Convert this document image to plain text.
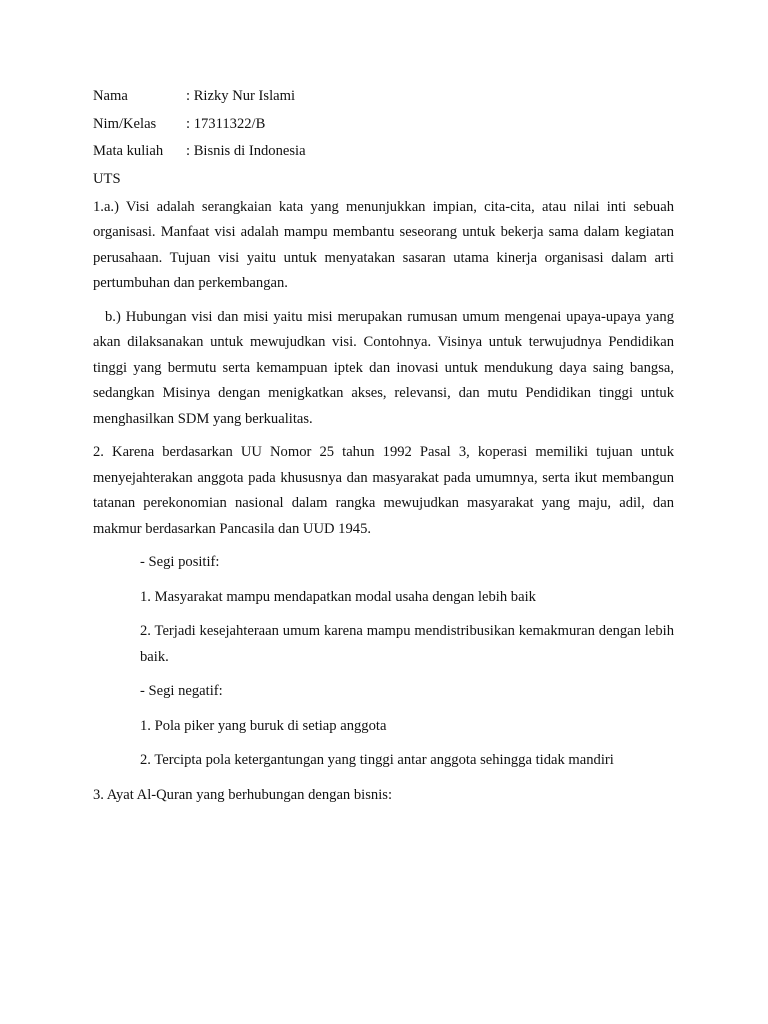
Nama	: Rizky Nur Islami
Nim/Kelas	: 17311322/B
Mata kuliah	: Bisnis di Indonesia
UTS

1.a.) Visi adalah serangkaian kata yang menunjukkan impian, cita-cita, atau nilai inti sebuah organisasi. Manfaat visi adalah mampu membantu seseorang untuk bekerja sama dalam kegiatan perusahaan. Tujuan visi yaitu untuk menyatakan sasaran utama kinerja organisasi dalam arti pertumbuhan dan perkembangan.

b.) Hubungan visi dan misi yaitu misi merupakan rumusan umum mengenai upaya-upaya yang akan dilaksanakan untuk mewujudkan visi. Contohnya. Visinya untuk terwujudnya Pendidikan tinggi yang bermutu serta kemampuan iptek dan inovasi untuk mendukung daya saing bangsa, sedangkan Misinya dengan menigkatkan akses, relevansi, dan mutu Pendidikan tinggi untuk menghasilkan SDM yang berkualitas.

2. Karena berdasarkan UU Nomor 25 tahun 1992 Pasal 3, koperasi memiliki tujuan untuk menyejahterakan anggota pada khususnya dan masyarakat pada umumnya, serta ikut membangun tatanan perekonomian nasional dalam rangka mewujudkan masyarakat yang maju, adil, dan makmur berdasarkan Pancasila dan UUD 1945.

- Segi positif:

1. Masyarakat mampu mendapatkan modal usaha dengan lebih baik

2. Terjadi kesejahteraan umum karena mampu mendistribusikan kemakmuran dengan lebih baik.

- Segi negatif:

1. Pola piker yang buruk di setiap anggota

2. Tercipta pola ketergantungan yang tinggi antar anggota sehingga tidak mandiri

3. Ayat Al-Quran yang berhubungan dengan bisnis:
